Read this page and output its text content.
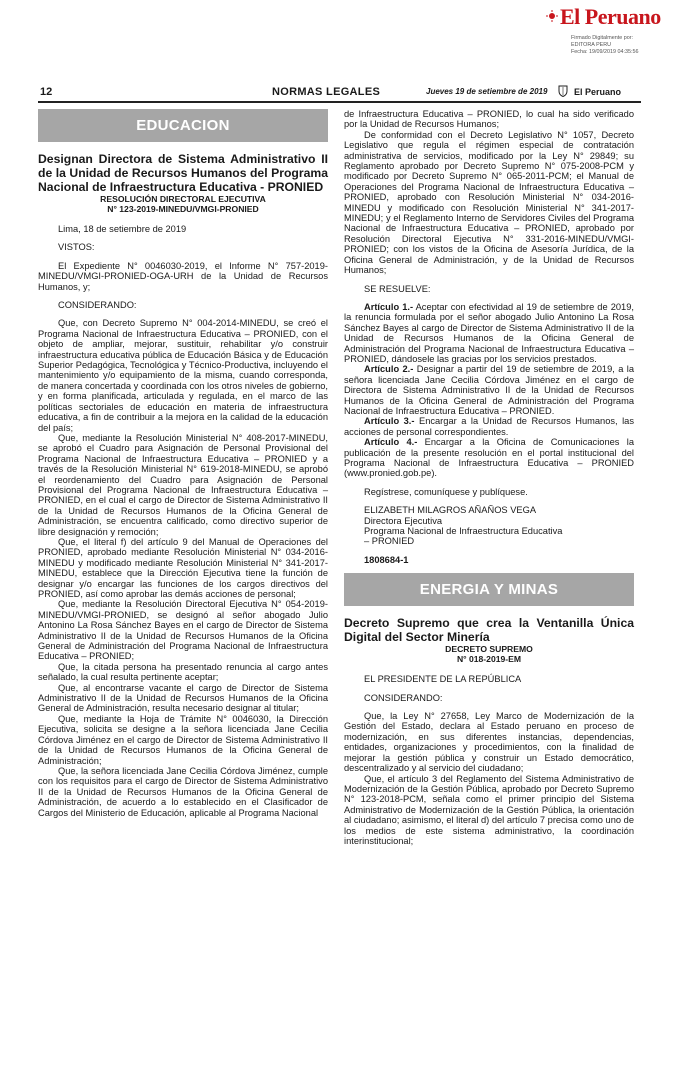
El Peruano
Firmado Digitalmente por:
EDITORA PERU
Fecha: 19/09/2019 04:35:56
12	NORMAS LEGALES	Jueves 19 de setiembre de 2019	El Peruano
EDUCACION

Designan Directora de Sistema Administrativo II de la Unidad de Recursos Humanos del Programa Nacional de Infraestructura Educativa - PRONIED

RESOLUCIÓN DIRECTORAL EJECUTIVA
N° 123-2019-MINEDU/VMGI-PRONIED

Lima, 18 de setiembre de 2019

VISTOS:

El Expediente N° 0046030-2019, el Informe N° 757-2019-MINEDU/VMGI-PRONIED-OGA-URH de la Unidad de Recursos Humanos, y;

CONSIDERANDO:

Que, con Decreto Supremo N° 004-2014-MINEDU, se creó el Programa Nacional de Infraestructura Educativa – PRONIED, con el objeto de ampliar, mejorar, sustituir, rehabilitar y/o construir infraestructura educativa pública de Educación Básica y de Educación Superior Pedagógica, Tecnológica y Técnico-Productiva, incluyendo el mantenimiento y/o equipamiento de la misma, cuando corresponda, de manera concertada y coordinada con los otros niveles de gobierno, y en forma planificada, articulada y regulada, en el marco de las políticas sectoriales de educación en materia de infraestructura educativa, a fin de contribuir a la mejora en la calidad de la educación del país;

Que, mediante la Resolución Ministerial N° 408-2017-MINEDU, se aprobó el Cuadro para Asignación de Personal Provisional del Programa Nacional de Infraestructura Educativa – PRONIED y a través de la Resolución Ministerial N° 619-2018-MINEDU, se aprobó el reordenamiento del Cuadro para Asignación de Personal Provisional del Programa Nacional de Infraestructura Educativa – PRONIED, en el cual el cargo de Director de Sistema Administrativo II de la Unidad de Recursos Humanos de la Oficina General de Administración, se encuentra calificado, como directivo superior de libre designación y remoción;

Que, el literal f) del artículo 9 del Manual de Operaciones del PRONIED, aprobado mediante Resolución Ministerial N° 034-2016-MINEDU y modificado mediante Resolución Ministerial N° 341-2017-MINEDU, establece que la Dirección Ejecutiva tiene la función de designar y/o encargar las funciones de los cargos directivos del PRONIED, así como aprobar las demás acciones de personal;

Que, mediante la Resolución Directoral Ejecutiva N° 054-2019-MINEDU/VMGI-PRONIED, se designó al señor abogado Julio Antonino La Rosa Sánchez Bayes en el cargo de Director de Sistema Administrativo II de la Unidad de Recursos Humanos de la Oficina General de Administración del Programa Nacional de Infraestructura Educativa – PRONIED;

Que, la citada persona ha presentado renuncia al cargo antes señalado, la cual resulta pertinente aceptar;

Que, al encontrarse vacante el cargo de Director de Sistema Administrativo II de la Unidad de Recursos Humanos de la Oficina General de Administración, resulta necesario designar al titular;

Que, mediante la Hoja de Trámite N° 0046030, la Dirección Ejecutiva, solicita se designe a la señora licenciada Jane Cecilia Córdova Jiménez en el cargo de Director de Sistema Administrativo II de la Unidad de Recursos Humanos de la Oficina General de Administración;

Que, la señora licenciada Jane Cecilia Córdova Jiménez, cumple con los requisitos para el cargo de Director de Sistema Administrativo II de la Unidad de Recursos Humanos de la Oficina General de Administración, de acuerdo a lo establecido en el Clasificador de Cargos del Ministerio de Educación, aplicable al Programa Nacional

de Infraestructura Educativa – PRONIED, lo cual ha sido verificado por la Unidad de Recursos Humanos;

De conformidad con el Decreto Legislativo N° 1057, Decreto Legislativo que regula el régimen especial de contratación administrativa de servicios, modificado por la Ley N° 29849; su Reglamento aprobado por Decreto Supremo N° 075-2008-PCM y modificado por Decreto Supremo N° 065-2011-PCM; el Manual de Operaciones del Programa Nacional de Infraestructura Educativa – PRONIED, aprobado con Resolución Ministerial N° 034-2016-MINEDU y modificado con Resolución Ministerial N° 341-2017-MINEDU; y el Reglamento Interno de Servidores Civiles del Programa Nacional de Infraestructura Educativa – PRONIED, aprobado por Resolución Directoral Ejecutiva N° 331-2016-MINEDU/VMGI-PRONIED; con los vistos de la Oficina de Asesoría Jurídica, de la Oficina General de Administración, y de la Unidad de Recursos Humanos;

SE RESUELVE:

Artículo 1.- Aceptar con efectividad al 19 de setiembre de 2019, la renuncia formulada por el señor abogado Julio Antonino La Rosa Sánchez Bayes al cargo de Director de Sistema Administrativo II de la Unidad de Recursos Humanos de la Oficina General de Administración del Programa Nacional de Infraestructura Educativa – PRONIED, dándosele las gracias por los servicios prestados.

Artículo 2.- Designar a partir del 19 de setiembre de 2019, a la señora licenciada Jane Cecilia Córdova Jiménez en el cargo de Directora de Sistema Administrativo II de la Unidad de Recursos Humanos de la Oficina General de Administración del Programa Nacional de Infraestructura Educativa – PRONIED.

Artículo 3.- Encargar a la Unidad de Recursos Humanos, las acciones de personal correspondientes.

Artículo 4.- Encargar a la Oficina de Comunicaciones la publicación de la presente resolución en el portal institucional del Programa Nacional de Infraestructura Educativa – PRONIED (www.pronied.gob.pe).

Regístrese, comuníquese y publíquese.

ELIZABETH MILAGROS AÑAÑOS VEGA
Directora Ejecutiva
Programa Nacional de Infraestructura Educativa
– PRONIED

1808684-1

ENERGIA Y MINAS

Decreto Supremo que crea la Ventanilla Única Digital del Sector Minería

DECRETO SUPREMO
N° 018-2019-EM

EL PRESIDENTE DE LA REPÚBLICA

CONSIDERANDO:

Que, la Ley N° 27658, Ley Marco de Modernización de la Gestión del Estado, declara al Estado peruano en proceso de modernización, en sus diferentes instancias, dependencias, entidades, organizaciones y procedimientos, con la finalidad de mejorar la gestión pública y construir un Estado democrático, descentralizado y al servicio del ciudadano;

Que, el artículo 3 del Reglamento del Sistema Administrativo de Modernización de la Gestión Pública, aprobado por Decreto Supremo N° 123-2018-PCM, señala como el primer principio del Sistema Administrativo de Modernización de la Gestión Pública, la orientación al ciudadano; asimismo, el literal d) del artículo 7 precisa como uno de los medios de este sistema administrativo, la coordinación interinstitucional;
